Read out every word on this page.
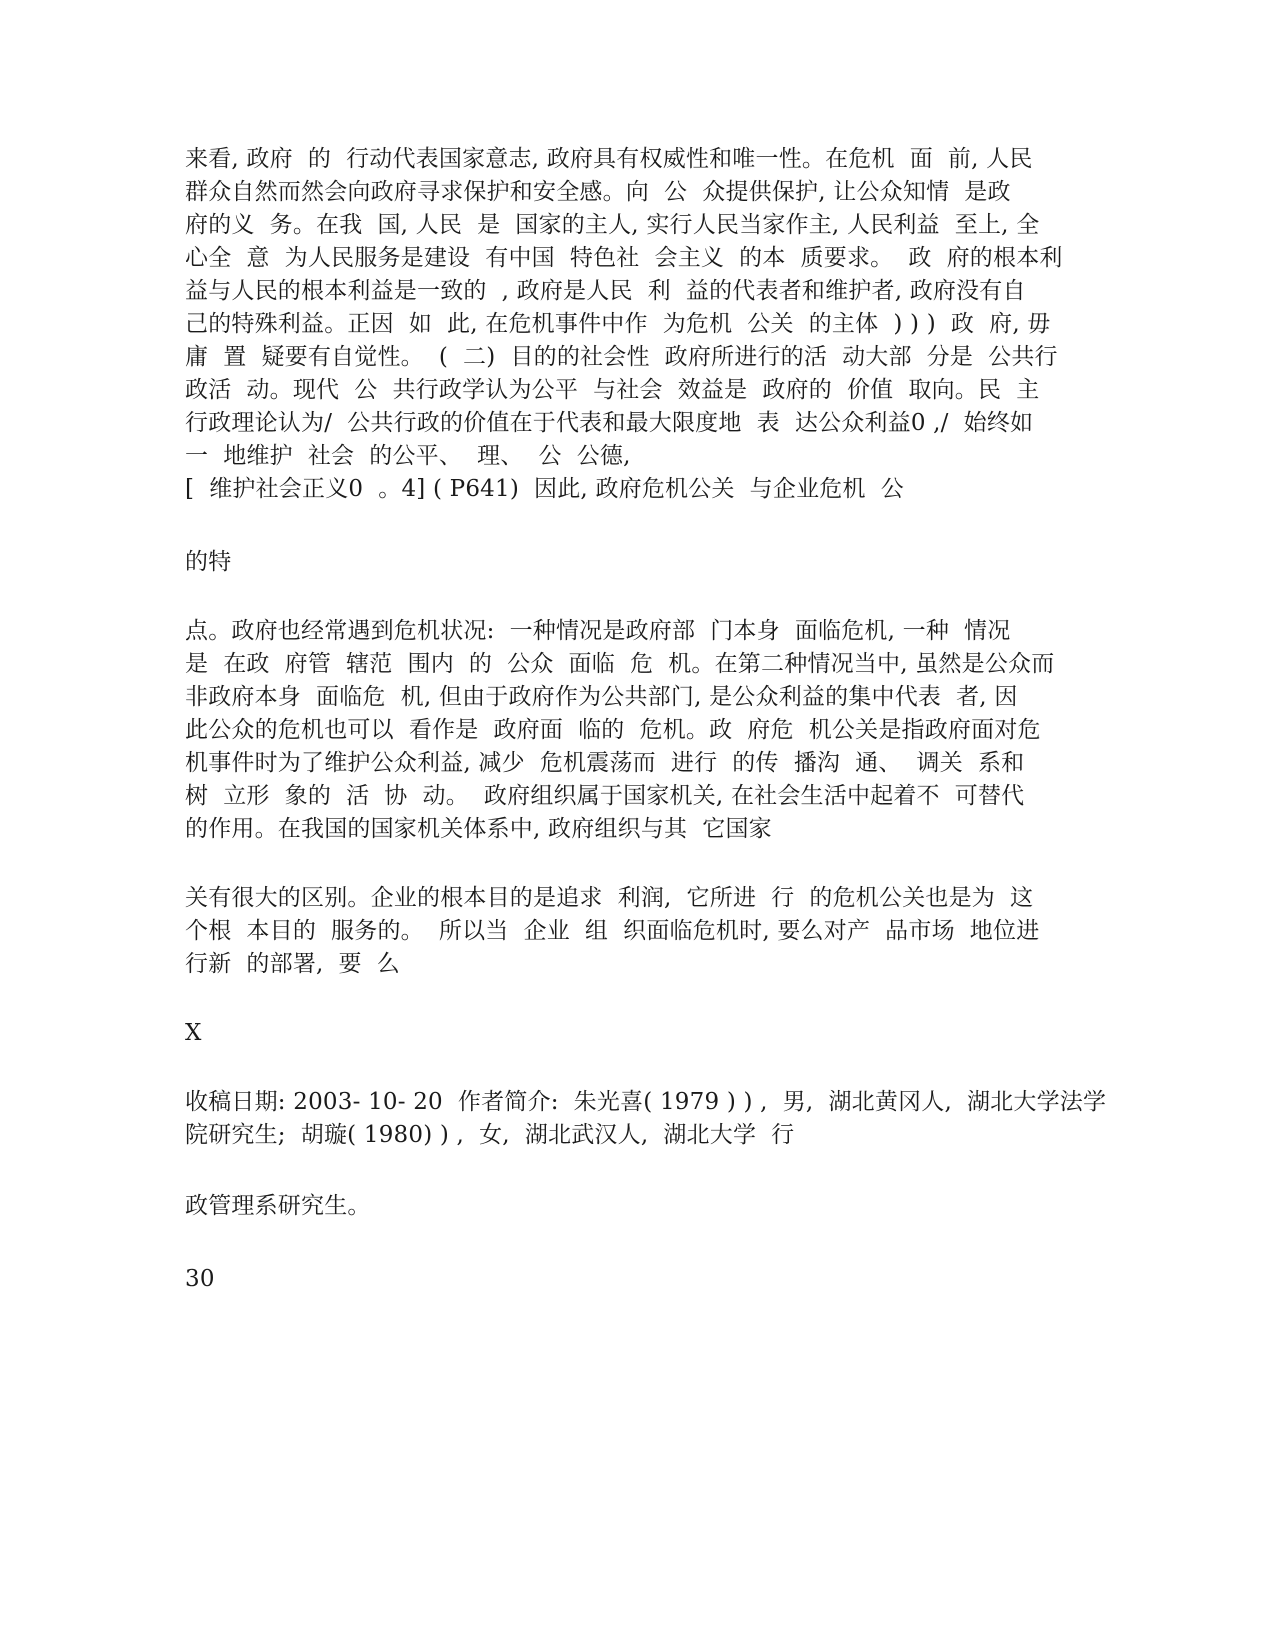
来看, 政府  的  行动代表国家意志, 政府具有权威性和唯一性。在危机  面  前, 人民
群众自然而然会向政府寻求保护和安全感。向  公  众提供保护, 让公众知情  是政
府的义  务。在我  国, 人民  是  国家的主人, 实行人民当家作主, 人民利益  至上, 全
心全  意  为人民服务是建设  有中国  特色社  会主义  的本  质要求。  政  府的根本利
益与人民的根本利益是一致的  , 政府是人民  利  益的代表者和维护者, 政府没有自
己的特殊利益。正因  如  此, 在危机事件中作  为危机  公关  的主体  ) ) )  政  府, 毋
庸  置  疑要有自觉性。  (  二)  目的的社会性  政府所进行的活  动大部  分是  公共行
政活  动。现代  公  共行政学认为公平  与社会  效益是  政府的  价值  取向。民  主
行政理论认为/  公共行政的价值在于代表和最大限度地  表  达公众利益0 ,/  始终如
一  地维护  社会  的公平、  理、  公  公德,
[  维护社会正义0  。4] ( P641)  因此, 政府危机公关  与企业危机  公
的特
点。政府也经常遇到危机状况:  一种情况是政府部  门本身  面临危机, 一种  情况
是  在政  府管  辖范  围内  的  公众  面临  危  机。在第二种情况当中, 虽然是公众而
非政府本身  面临危  机, 但由于政府作为公共部门, 是公众利益的集中代表  者, 因
此公众的危机也可以  看作是  政府面  临的  危机。政  府危  机公关是指政府面对危
机事件时为了维护公众利益, 减少  危机震荡而  进行  的传  播沟  通、  调关  系和
树  立形  象的  活  协  动。  政府组织属于国家机关, 在社会生活中起着不  可替代
的作用。在我国的国家机关体系中, 政府组织与其  它国家
关有很大的区别。企业的根本目的是追求  利润,  它所进  行  的危机公关也是为  这
个根  本目的  服务的。  所以当  企业  组  织面临危机时, 要么对产  品市场  地位进
行新  的部署,  要  么
X
收稿日期: 2003- 10- 20  作者简介:  朱光喜( 1979 ) ) ,  男,  湖北黄冈人,  湖北大学法学
院研究生;  胡璇( 1980) ) ,  女,  湖北武汉人,  湖北大学  行
政管理系研究生。
30
